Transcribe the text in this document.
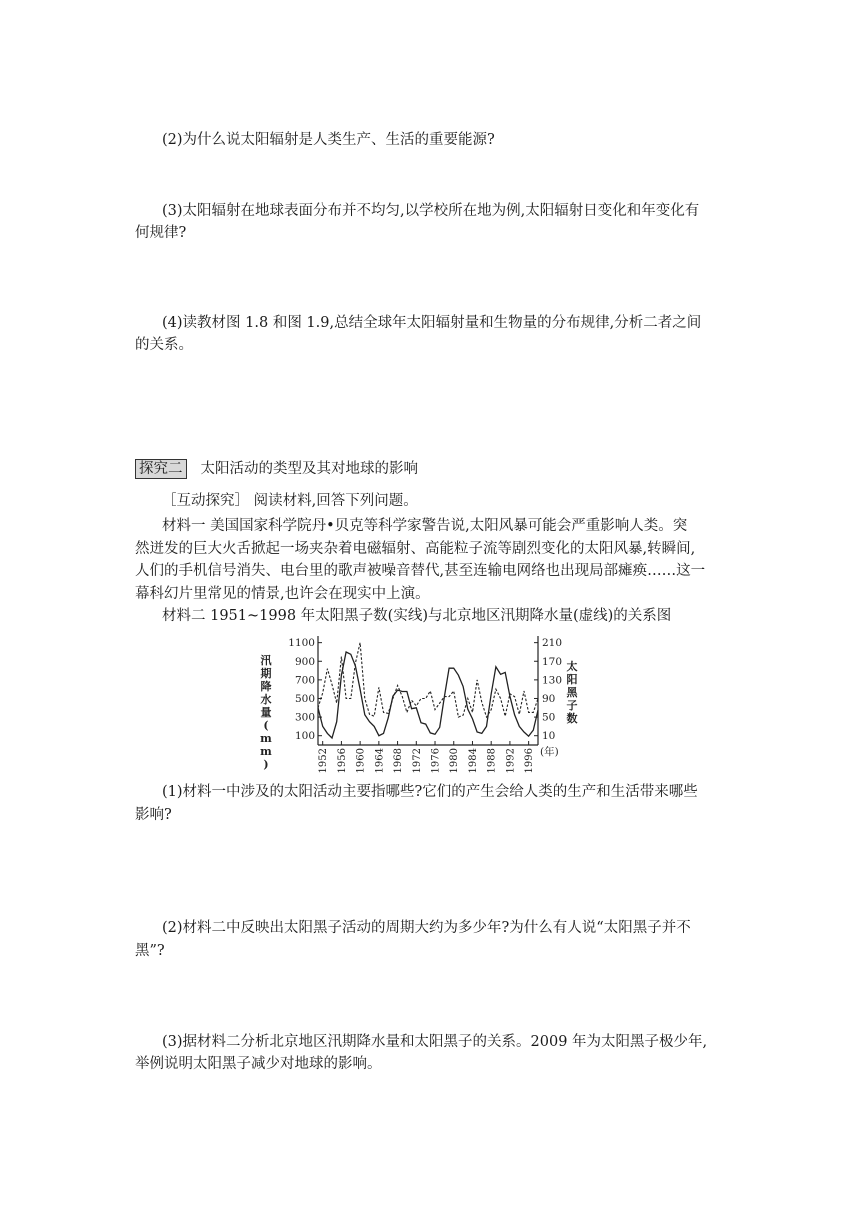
(2)为什么说太阳辐射是人类生产、生活的重要能源?
(3)太阳辐射在地球表面分布并不均匀,以学校所在地为例,太阳辐射日变化和年变化有
何规律?
(4)读教材图 1.8 和图 1.9,总结全球年太阳辐射量和生物量的分布规律,分析二者之间
的关系。
探究二 太阳活动的类型及其对地球的影响
［互动探究］ 阅读材料,回答下列问题。
材料一 美国国家科学院丹•贝克等科学家警告说,太阳风暴可能会严重影响人类。突
然迸发的巨大火舌掀起一场夹杂着电磁辐射、高能粒子流等剧烈变化的太阳风暴,转瞬间,
人们的手机信号消失、电台里的歌声被噪音替代,甚至连输电网络也出现局部瘫痪……这一
幕科幻片里常见的情景,也许会在现实中上演。
材料二 1951~1998 年太阳黑子数(实线)与北京地区汛期降水量(虚线)的关系图
汛
期
降
水
量
(
m
m
)
太
阳
黑
子
数
100
300
500
700
900
1100
10
50
90
130
170
210
1952 1956 1960 1964 1968 1972 1976 1980 1984 1988 1992 1996 (年)
(1)材料一中涉及的太阳活动主要指哪些?它们的产生会给人类的生产和生活带来哪些
影响?
(2)材料二中反映出太阳黑子活动的周期大约为多少年?为什么有人说“太阳黑子并不
黑”?
(3)据材料二分析北京地区汛期降水量和太阳黑子的关系。2009 年为太阳黑子极少年,
举例说明太阳黑子减少对地球的影响。
